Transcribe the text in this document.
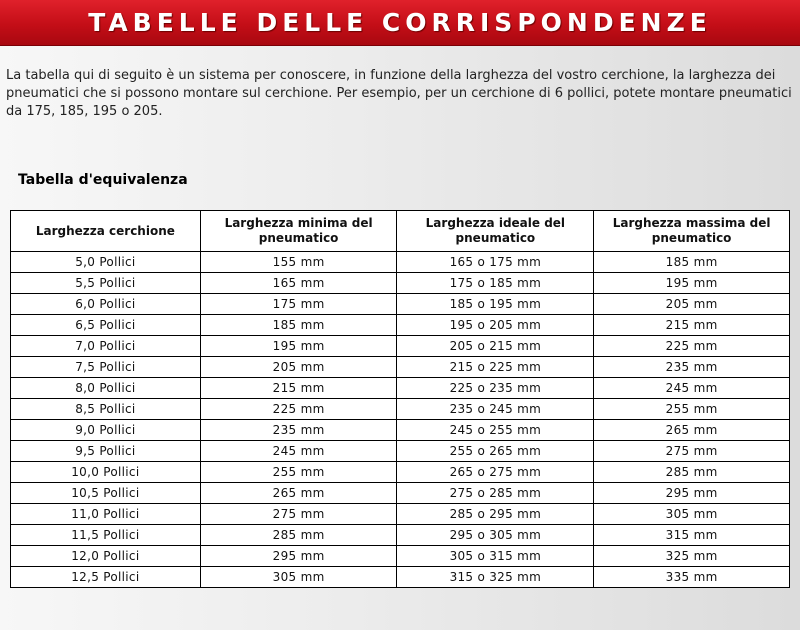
TABELLE DELLE CORRISPONDENZE

La tabella qui di seguito è un sistema per conoscere, in funzione della larghezza del vostro cerchione, la larghezza dei pneumatici che si possono montare sul cerchione. Per esempio, per un cerchione di 6 pollici, potete montare pneumatici da 175, 185, 195 o 205.

Tabella d'equivalenza
Larghezza cerchione	Larghezza minima del pneumatico	Larghezza ideale del pneumatico	Larghezza massima del pneumatico
5,0 Pollici	155 mm	165 o 175 mm	185 mm
5,5 Pollici	165 mm	175 o 185 mm	195 mm
6,0 Pollici	175 mm	185 o 195 mm	205 mm
6,5 Pollici	185 mm	195 o 205 mm	215 mm
7,0 Pollici	195 mm	205 o 215 mm	225 mm
7,5 Pollici	205 mm	215 o 225 mm	235 mm
8,0 Pollici	215 mm	225 o 235 mm	245 mm
8,5 Pollici	225 mm	235 o 245 mm	255 mm
9,0 Pollici	235 mm	245 o 255 mm	265 mm
9,5 Pollici	245 mm	255 o 265 mm	275 mm
10,0 Pollici	255 mm	265 o 275 mm	285 mm
10,5 Pollici	265 mm	275 o 285 mm	295 mm
11,0 Pollici	275 mm	285 o 295 mm	305 mm
11,5 Pollici	285 mm	295 o 305 mm	315 mm
12,0 Pollici	295 mm	305 o 315 mm	325 mm
12,5 Pollici	305 mm	315 o 325 mm	335 mm
